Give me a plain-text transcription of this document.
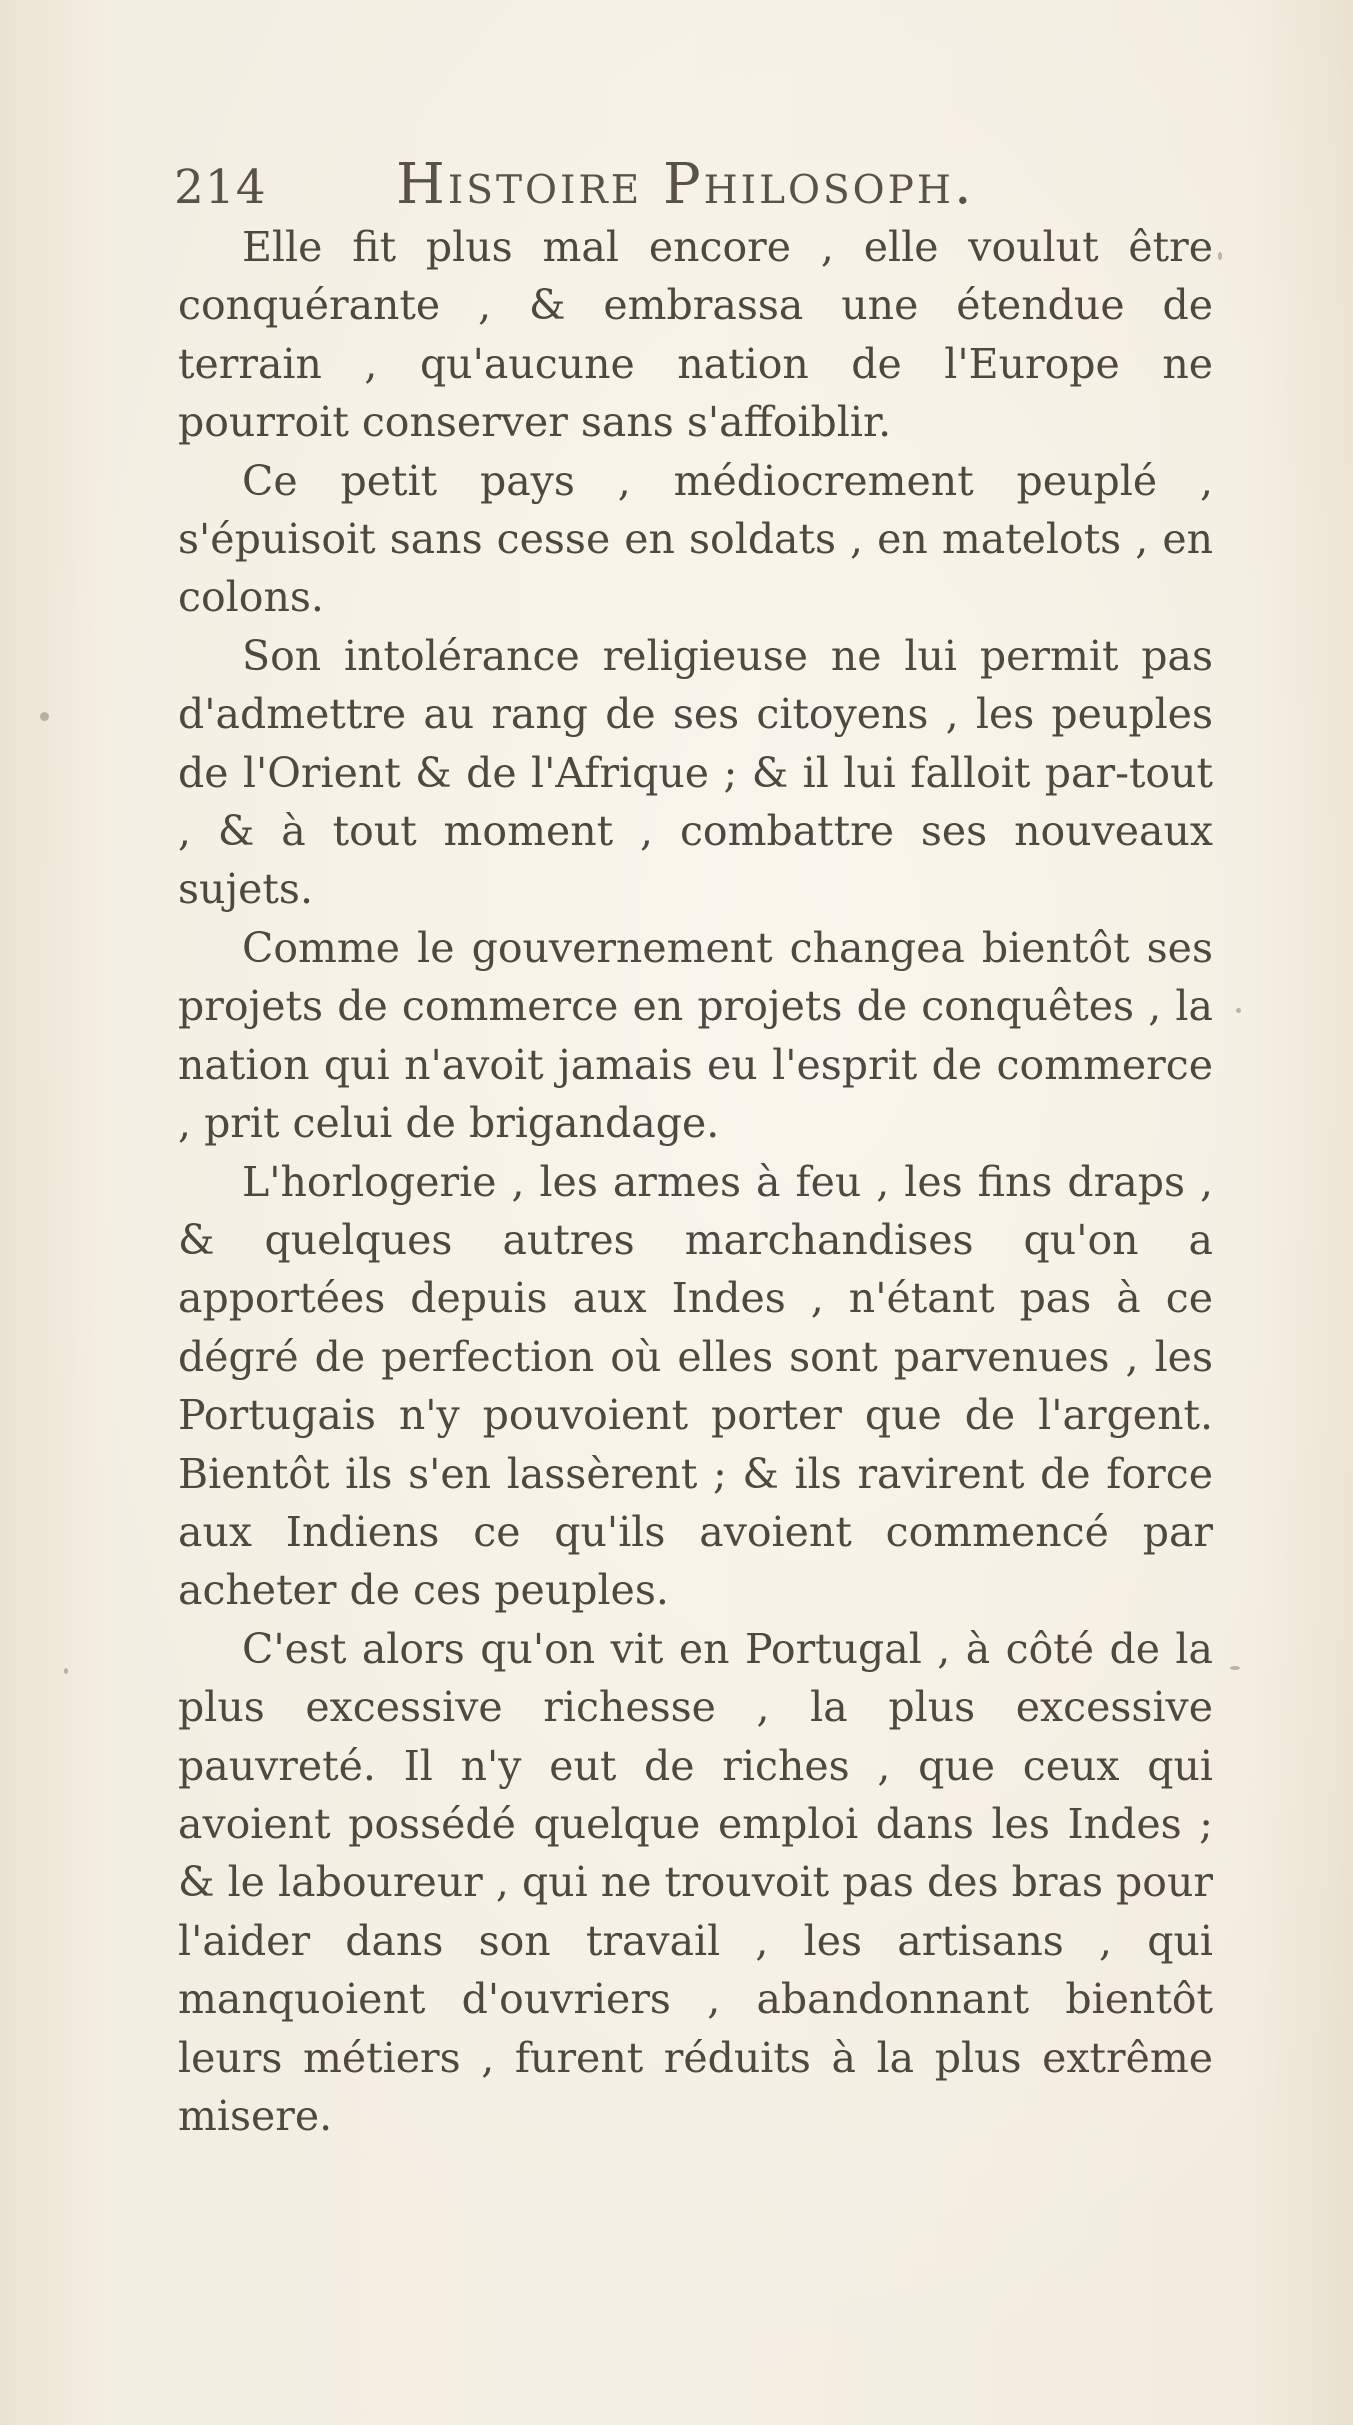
214 Histoire Philosoph.

Elle fit plus mal encore , elle voulut être conquérante , & embrassa une étendue de terrain , qu'aucune nation de l'Europe ne pourroit conserver sans s'affoiblir.

Ce petit pays , médiocrement peuplé , s'épuisoit sans cesse en soldats , en matelots , en colons.

Son intolérance religieuse ne lui permit pas d'admettre au rang de ses citoyens , les peuples de l'Orient & de l'Afrique ; & il lui falloit par-tout , & à tout moment , combattre ses nouveaux sujets.

Comme le gouvernement changea bientôt ses projets de commerce en projets de conquêtes , la nation qui n'avoit jamais eu l'esprit de commerce , prit celui de brigandage.

L'horlogerie , les armes à feu , les fins draps , & quelques autres marchandises qu'on a apportées depuis aux Indes , n'étant pas à ce dégré de perfection où elles sont parvenues , les Portugais n'y pouvoient porter que de l'argent. Bientôt ils s'en lassèrent ; & ils ravirent de force aux Indiens ce qu'ils avoient commencé par acheter de ces peuples.

C'est alors qu'on vit en Portugal , à côté de la plus excessive richesse , la plus excessive pauvreté. Il n'y eut de riches , que ceux qui avoient possédé quelque emploi dans les Indes ; & le laboureur , qui ne trouvoit pas des bras pour l'aider dans son travail , les artisans , qui manquoient d'ouvriers , abandonnant bientôt leurs métiers , furent réduits à la plus extrême misere.
